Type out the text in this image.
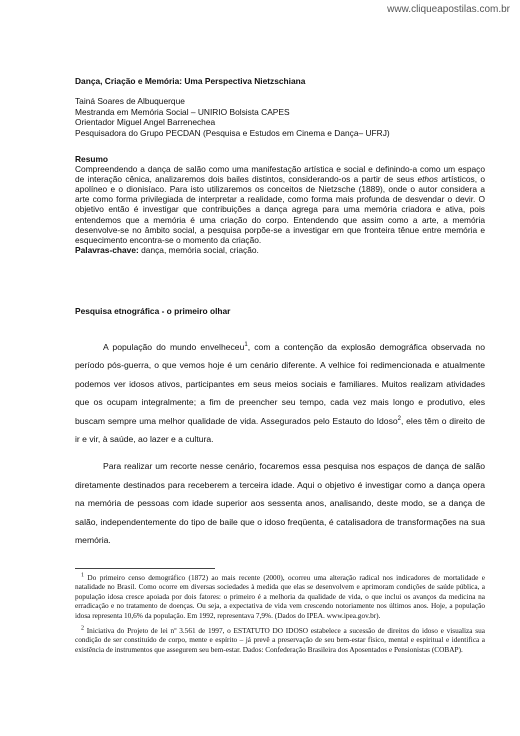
www.cliqueapostilas.com.br
Dança, Criação e Memória: Uma Perspectiva Nietzschiana
Tainá Soares de Albuquerque
Mestranda em Memória Social – UNIRIO Bolsista CAPES
Orientador Miguel Angel Barrenechea
Pesquisadora do Grupo PECDAN (Pesquisa e Estudos em Cinema e Dança– UFRJ)
Resumo
Compreendendo a dança de salão como uma manifestação artística e social e definindo-a como um espaço de interação cênica, analizaremos dois bailes distintos, considerando-os a partir de seus ethos artísticos, o apolíneo e o dionisíaco. Para isto utilizaremos os conceitos de Nietzsche (1889), onde o autor considera a arte como forma privilegiada de interpretar a realidade, como forma mais profunda de desvendar o devir. O objetivo então é investigar que contribuições a dança agrega para uma memória criadora e ativa, pois entendemos que a memória é uma criação do corpo. Entendendo que assim como a arte, a memória desenvolve-se no âmbito social, a pesquisa porpõe-se a investigar em que fronteira tênue entre memória e esquecimento encontra-se o momento da criação.
Palavras-chave: dança, memória social, criação.
Pesquisa etnográfica - o primeiro olhar

A população do mundo envelheceu$^1$, com a contenção da explosão demográfica observada no período pós-guerra, o que vemos hoje é um cenário diferente. A velhice foi redimencionada e atualmente podemos ver idosos ativos, participantes em seus meios sociais e familiares. Muitos realizam atividades que os ocupam integralmente; a fim de preencher seu tempo, cada vez mais longo e produtivo, eles buscam sempre uma melhor qualidade de vida. Assegurados pelo Estauto do Idoso$^2$, eles têm o direito de ir e vir, à saúde, ao lazer e a cultura.

Para realizar um recorte nesse cenário, focaremos essa pesquisa nos espaços de dança de salão diretamente destinados para receberem a terceira idade. Aqui o objetivo é investigar como a dança opera na memória de pessoas com idade superior aos sessenta anos, analisando, deste modo, se a dança de salão, independentemente do tipo de baile que o idoso freqüenta, é catalisadora de transformações na sua memória.

$^1$ Do primeiro censo demográfico (1872) ao mais recente (2000), ocorreu uma alteração radical nos indicadores de mortalidade e natalidade no Brasil. Como ocorre em diversas sociedades à medida que elas se desenvolvem e aprimoram condições de saúde pública, a população idosa cresce apoiada por dois fatores: o primeiro é a melhoria da qualidade de vida, o que inclui os avanços da medicina na erradicação e no tratamento de doenças. Ou seja, a expectativa de vida vem crescendo notoriamente nos últimos anos. Hoje, a população idosa representa 10,6% da população. Em 1992, representava 7,9%. (Dados do IPEA. www.ipea.gov.br).

$^2$ Iniciativa do Projeto de lei nº 3.561 de 1997, o ESTATUTO DO IDOSO estabelece a sucessão de direitos do idoso e visualiza sua condição de ser constituído de corpo, mente e espírito – já prevê a preservação de seu bem-estar físico, mental e espiritual e identifica a existência de instrumentos que assegurem seu bem-estar. Dados: Confederação Brasileira dos Aposentados e Pensionistas (COBAP).
